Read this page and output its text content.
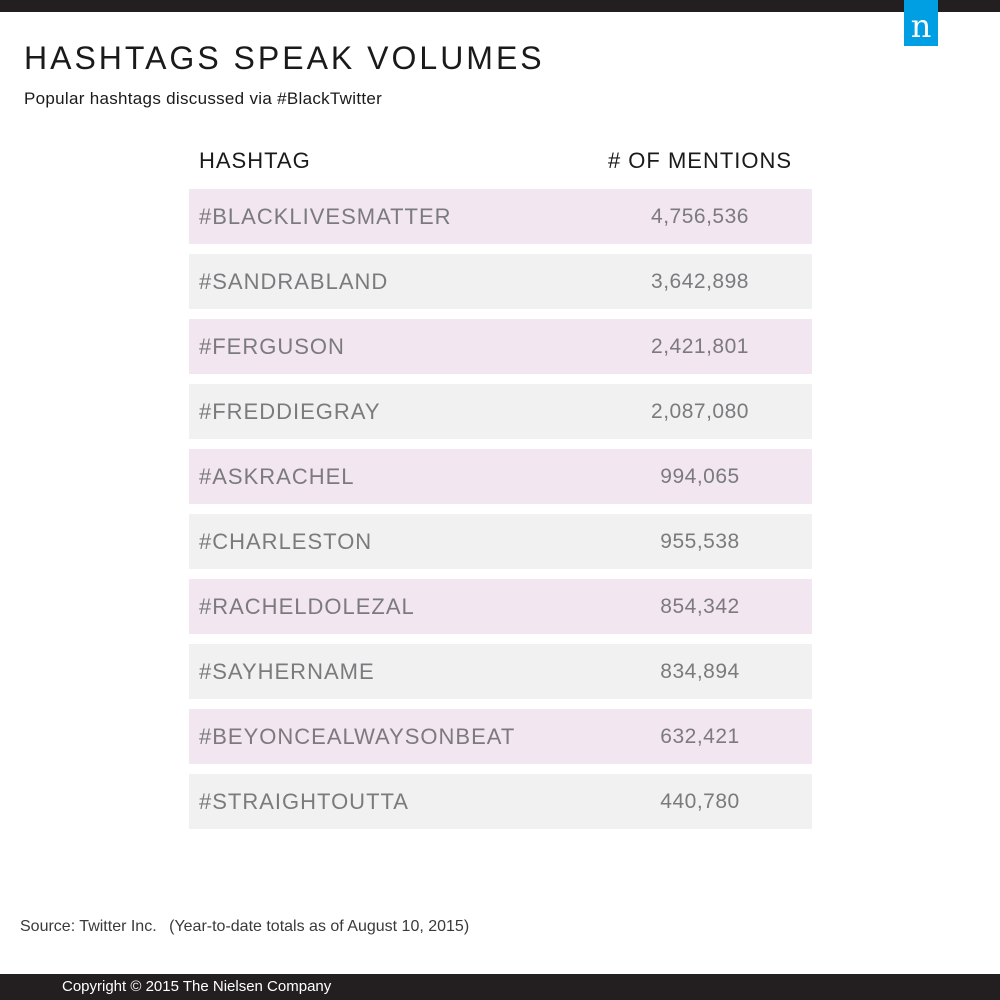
n
HASHTAGS SPEAK VOLUMES

Popular hashtags discussed via #BlackTwitter

HASHTAG	# OF MENTIONS
#BLACKLIVESMATTER	4,756,536
#SANDRABLAND	3,642,898
#FERGUSON	2,421,801
#FREDDIEGRAY	2,087,080
#ASKRACHEL	994,065
#CHARLESTON	955,538
#RACHELDOLEZAL	854,342
#SAYHERNAME	834,894
#BEYONCEALWAYSONBEAT	632,421
#STRAIGHTOUTTA	440,780
Source: Twitter Inc. (Year-to-date totals as of August 10, 2015)
Copyright © 2015 The Nielsen Company
